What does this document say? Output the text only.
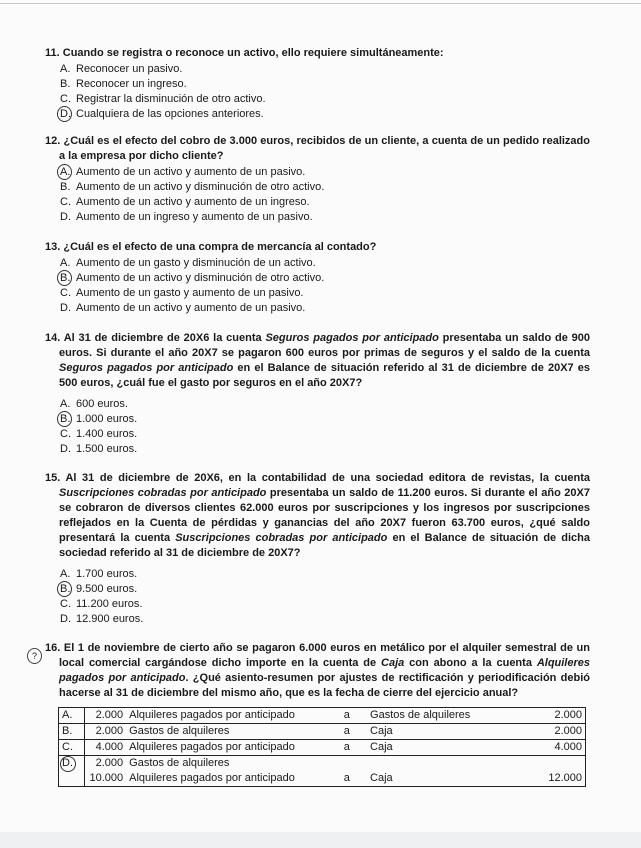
11. Cuando se registra o reconoce un activo, ello requiere simultáneamente:
A. Reconocer un pasivo.
B. Reconocer un ingreso.
C. Registrar la disminución de otro activo.
D. Cualquiera de las opciones anteriores.
12. ¿Cuál es el efecto del cobro de 3.000 euros, recibidos de un cliente, a cuenta de un pedido realizado a la empresa por dicho cliente?
A. Aumento de un activo y aumento de un pasivo.
B. Aumento de un activo y disminución de otro activo.
C. Aumento de un activo y aumento de un ingreso.
D. Aumento de un ingreso y aumento de un pasivo.
13. ¿Cuál es el efecto de una compra de mercancía al contado?
A. Aumento de un gasto y disminución de un activo.
B. Aumento de un activo y disminución de otro activo.
C. Aumento de un gasto y aumento de un pasivo.
D. Aumento de un activo y aumento de un pasivo.
14. Al 31 de diciembre de 20X6 la cuenta Seguros pagados por anticipado presentaba un saldo de 900 euros. Si durante el año 20X7 se pagaron 600 euros por primas de seguros y el saldo de la cuenta Seguros pagados por anticipado en el Balance de situación referido al 31 de diciembre de 20X7 es 500 euros, ¿cuál fue el gasto por seguros en el año 20X7?
A. 600 euros.
B. 1.000 euros.
C. 1.400 euros.
D. 1.500 euros.
15. Al 31 de diciembre de 20X6, en la contabilidad de una sociedad editora de revistas, la cuenta Suscripciones cobradas por anticipado presentaba un saldo de 11.200 euros. Si durante el año 20X7 se cobraron de diversos clientes 62.000 euros por suscripciones y los ingresos por suscripciones reflejados en la Cuenta de pérdidas y ganancias del año 20X7 fueron 63.700 euros, ¿qué saldo presentará la cuenta Suscripciones cobradas por anticipado en el Balance de situación de dicha sociedad referido al 31 de diciembre de 20X7?
A. 1.700 euros.
B. 9.500 euros.
C. 11.200 euros.
D. 12.900 euros.
?
16. El 1 de noviembre de cierto año se pagaron 6.000 euros en metálico por el alquiler semestral de un local comercial cargándose dicho importe en la cuenta de Caja con abono a la cuenta Alquileres pagados por anticipado. ¿Qué asiento-resumen por ajustes de rectificación y periodificación debió hacerse al 31 de diciembre del mismo año, que es la fecha de cierre del ejercicio anual?
A.	2.000	Alquileres pagados por anticipado	a	Gastos de alquileres	2.000
B.	2.000	Gastos de alquileres	a	Caja	2.000
C.	4.000	Alquileres pagados por anticipado	a	Caja	4.000
D.	2.000	Gastos de alquileres			
	10.000	Alquileres pagados por anticipado	a	Caja	12.000
